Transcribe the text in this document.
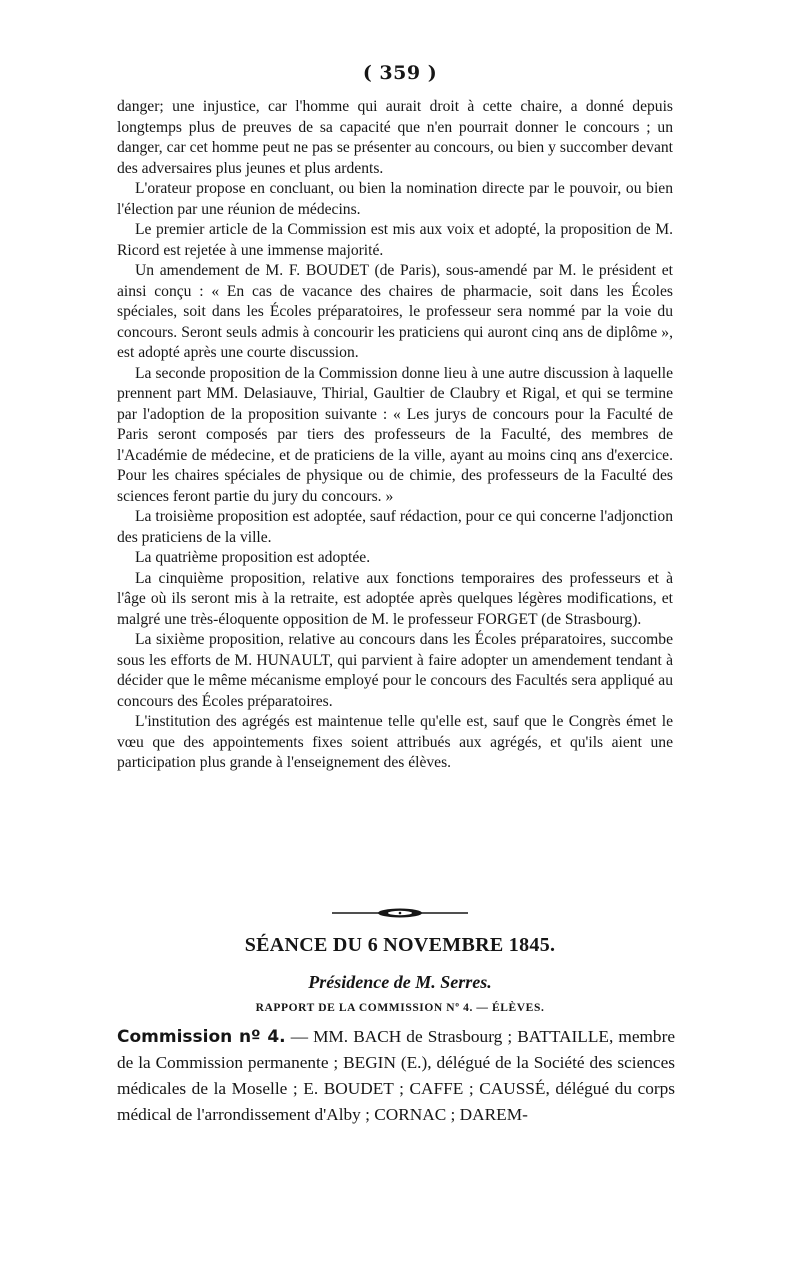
( 359 )

danger; une injustice, car l'homme qui aurait droit à cette chaire, a donné depuis longtemps plus de preuves de sa capacité que n'en pourrait donner le concours ; un danger, car cet homme peut ne pas se présenter au concours, ou bien y succomber devant des adversaires plus jeunes et plus ardents.

L'orateur propose en concluant, ou bien la nomination directe par le pouvoir, ou bien l'élection par une réunion de médecins.

Le premier article de la Commission est mis aux voix et adopté, la proposition de M. Ricord est rejetée à une immense majorité.

Un amendement de M. F. BOUDET (de Paris), sous-amendé par M. le président et ainsi conçu : « En cas de vacance des chaires de pharmacie, soit dans les Écoles spéciales, soit dans les Écoles préparatoires, le professeur sera nommé par la voie du concours. Seront seuls admis à concourir les praticiens qui auront cinq ans de diplôme », est adopté après une courte discussion.

La seconde proposition de la Commission donne lieu à une autre discussion à laquelle prennent part MM. Delasiauve, Thirial, Gaultier de Claubry et Rigal, et qui se termine par l'adoption de la proposition suivante : « Les jurys de concours pour la Faculté de Paris seront composés par tiers des professeurs de la Faculté, des membres de l'Académie de médecine, et de praticiens de la ville, ayant au moins cinq ans d'exercice. Pour les chaires spéciales de physique ou de chimie, des professeurs de la Faculté des sciences feront partie du jury du concours. »

La troisième proposition est adoptée, sauf rédaction, pour ce qui concerne l'adjonction des praticiens de la ville.

La quatrième proposition est adoptée.

La cinquième proposition, relative aux fonctions temporaires des professeurs et à l'âge où ils seront mis à la retraite, est adoptée après quelques légères modifications, et malgré une très-éloquente opposition de M. le professeur FORGET (de Strasbourg).

La sixième proposition, relative au concours dans les Écoles préparatoires, succombe sous les efforts de M. HUNAULT, qui parvient à faire adopter un amendement tendant à décider que le même mécanisme employé pour le concours des Facultés sera appliqué au concours des Écoles préparatoires.

L'institution des agrégés est maintenue telle qu'elle est, sauf que le Congrès émet le vœu que des appointements fixes soient attribués aux agrégés, et qu'ils aient une participation plus grande à l'enseignement des élèves.

SÉANCE DU 6 NOVEMBRE 1845.
Présidence de M. Serres.
RAPPORT DE LA COMMISSION Nº 4. — ÉLÈVES.

Commission nº 4. — MM. BACH de Strasbourg ; BATTAILLE, membre de la Commission permanente ; BEGIN (E.), délégué de la Société des sciences médicales de la Moselle ; E. BOUDET ; CAFFE ; CAUSSÉ, délégué du corps médical de l'arrondissement d'Alby ; CORNAC ; DAREM-
